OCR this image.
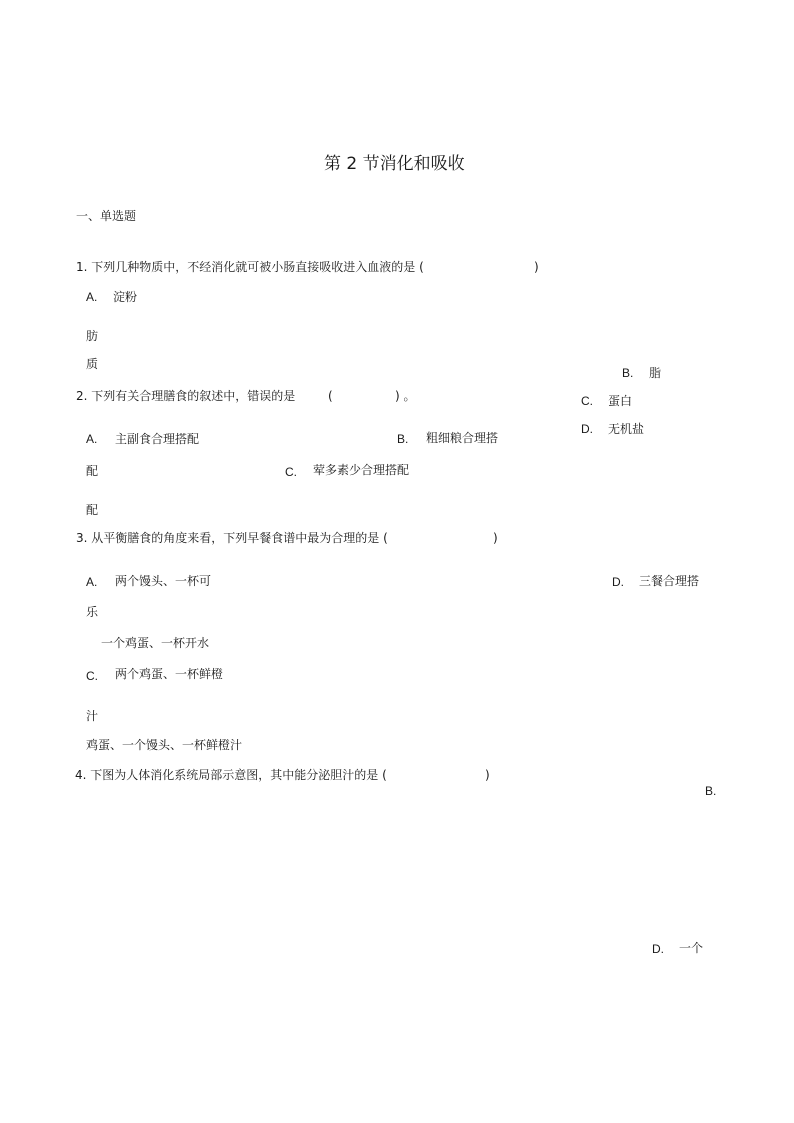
第 2 节消化和吸收
一、单选题
1. 下列几种物质中，不经消化就可被小肠直接吸收进入血液的是 (	)
A. 淀粉
肪
质
B. 脂
C. 蛋白
D. 无机盐
2. 下列有关合理膳食的叙述中，错误的是	(	) 。
A. 主副食合理搭配	B. 粗细粮合理搭
配	C. 荤多素少合理搭配
配
3. 从平衡膳食的角度来看，下列早餐食谱中最为合理的是 (	)
A. 两个馒头、一杯可	D. 三餐合理搭
乐
一个鸡蛋、一杯开水
C. 两个鸡蛋、一杯鲜橙
汁
鸡蛋、一个馒头、一杯鲜橙汁
4. 下图为人体消化系统局部示意图，其中能分泌胆汁的是 (	)
B.
D. 一个
